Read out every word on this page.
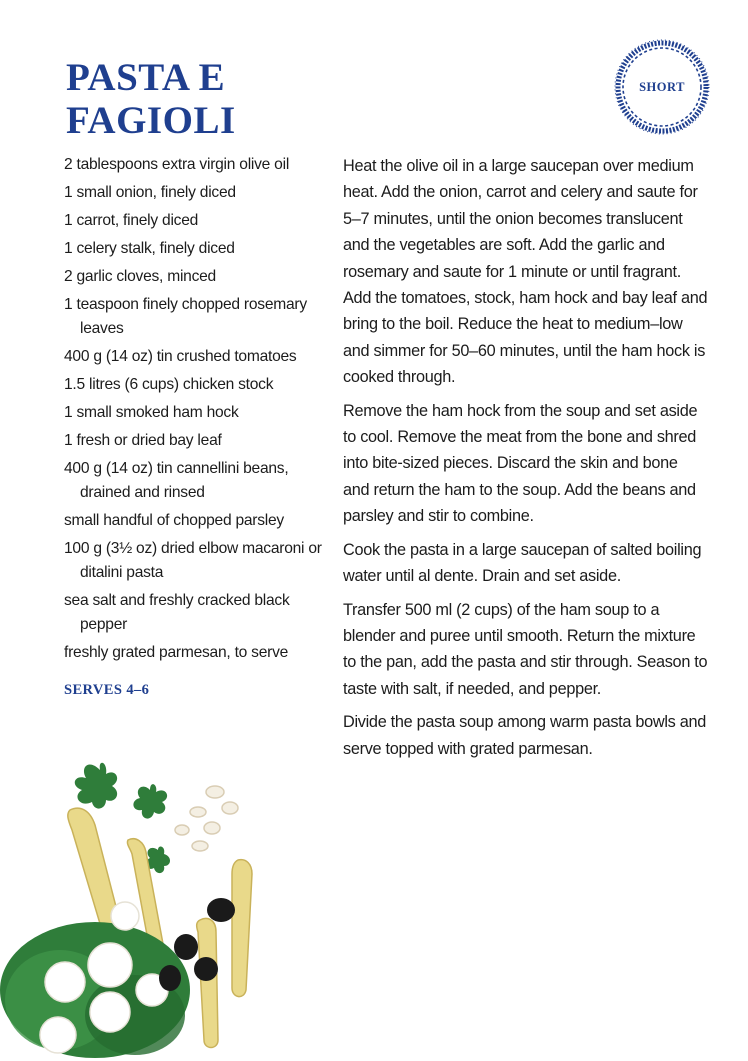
PASTA E
FAGIOLI
SHORT
2 tablespoons extra virgin olive oil
1 small onion, finely diced
1 carrot, finely diced
1 celery stalk, finely diced
2 garlic cloves, minced
1 teaspoon finely chopped rosemary leaves
400 g (14 oz) tin crushed tomatoes
1.5 litres (6 cups) chicken stock
1 small smoked ham hock
1 fresh or dried bay leaf
400 g (14 oz) tin cannellini beans, drained and rinsed
small handful of chopped parsley
100 g (3½ oz) dried elbow macaroni or ditalini pasta
sea salt and freshly cracked black pepper
freshly grated parmesan, to serve

SERVES 4–6

Heat the olive oil in a large saucepan over medium heat. Add the onion, carrot and celery and saute for 5–7 minutes, until the onion becomes translucent and the vegetables are soft. Add the garlic and rosemary and saute for 1 minute or until fragrant. Add the tomatoes, stock, ham hock and bay leaf and bring to the boil. Reduce the heat to medium–low and simmer for 50–60 minutes, until the ham hock is cooked through.

Remove the ham hock from the soup and set aside to cool. Remove the meat from the bone and shred into bite-sized pieces. Discard the skin and bone and return the ham to the soup. Add the beans and parsley and stir to combine.

Cook the pasta in a large saucepan of salted boiling water until al dente. Drain and set aside.

Transfer 500 ml (2 cups) of the ham soup to a blender and puree until smooth. Return the mixture to the pan, add the pasta and stir through. Season to taste with salt, if needed, and pepper.

Divide the pasta soup among warm pasta bowls and serve topped with grated parmesan.
